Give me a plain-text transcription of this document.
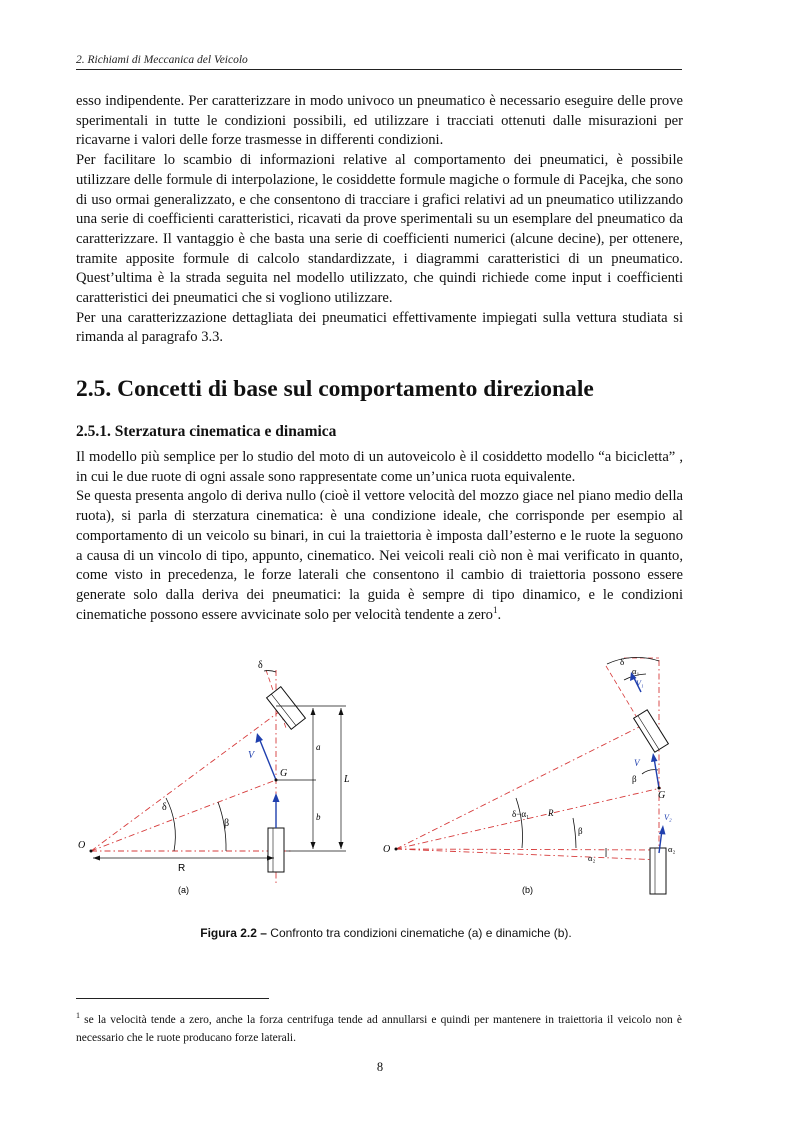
2. Richiami di Meccanica del Veicolo

esso indipendente. Per caratterizzare in modo univoco un pneumatico è necessario eseguire delle prove sperimentali in tutte le condizioni possibili, ed utilizzare i tracciati ottenuti dalle misurazioni per ricavarne i valori delle forze trasmesse in differenti condizioni.

Per facilitare lo scambio di informazioni relative al comportamento dei pneumatici, è possibile utilizzare delle formule di interpolazione, le cosiddette formule magiche o formule di Pacejka, che sono di uso ormai generalizzato, e che consentono di tracciare i grafici relativi ad un pneumatico utilizzando una serie di coefficienti caratteristici, ricavati da prove sperimentali su un esemplare del pneumatico da caratterizzare. Il vantaggio è che basta una serie di coefficienti numerici (alcune decine), per ottenere, tramite apposite formule di calcolo standardizzate, i diagrammi caratteristici di un pneumatico. Quest’ultima è la strada seguita nel modello utilizzato, che quindi richiede come input i coefficienti caratteristici dei pneumatici che si vogliono utilizzare.

Per una caratterizzazione dettagliata dei pneumatici effettivamente impiegati sulla vettura studiata si rimanda al paragrafo 3.3.

2.5. Concetti di base sul comportamento direzionale
2.5.1. Sterzatura cinematica e dinamica

Il modello più semplice per lo studio del moto di un autoveicolo è il cosiddetto modello “a bicicletta” , in cui le due ruote di ogni assale sono rappresentate come un’unica ruota equivalente.

Se questa presenta angolo di deriva nullo (cioè il vettore velocità del mozzo giace nel piano medio della ruota), si parla di sterzatura cinematica: è una condizione ideale, che corrisponde per esempio al comportamento di un veicolo su binari, in cui la traiettoria è imposta dall’esterno e le ruote la seguono a causa di un vincolo di tipo, appunto, cinematico. Nei veicoli reali ciò non è mai verificato in quanto, come visto in precedenza, le forze laterali che consentono il cambio di traiettoria possono essere generate solo dalla deriva dei pneumatici: la guida è sempre di tipo dinamico, e le condizioni cinematiche possono essere avvicinate solo per velocità tendente a zero$^1$.

δ
V
a
G
L
b
δ
β
O
R
(a)
δ
α₁
V₁
V
β
G
δ−α₁ R
β
V₂
O
α₂
α₂
(b)
Figura 2.2 – Confronto tra condizioni cinematiche (a) e dinamiche (b).
$^1$ se la velocità tende a zero, anche la forza centrifuga tende ad annullarsi e quindi per mantenere in traiettoria il veicolo non è necessario che le ruote producano forze laterali.
8
